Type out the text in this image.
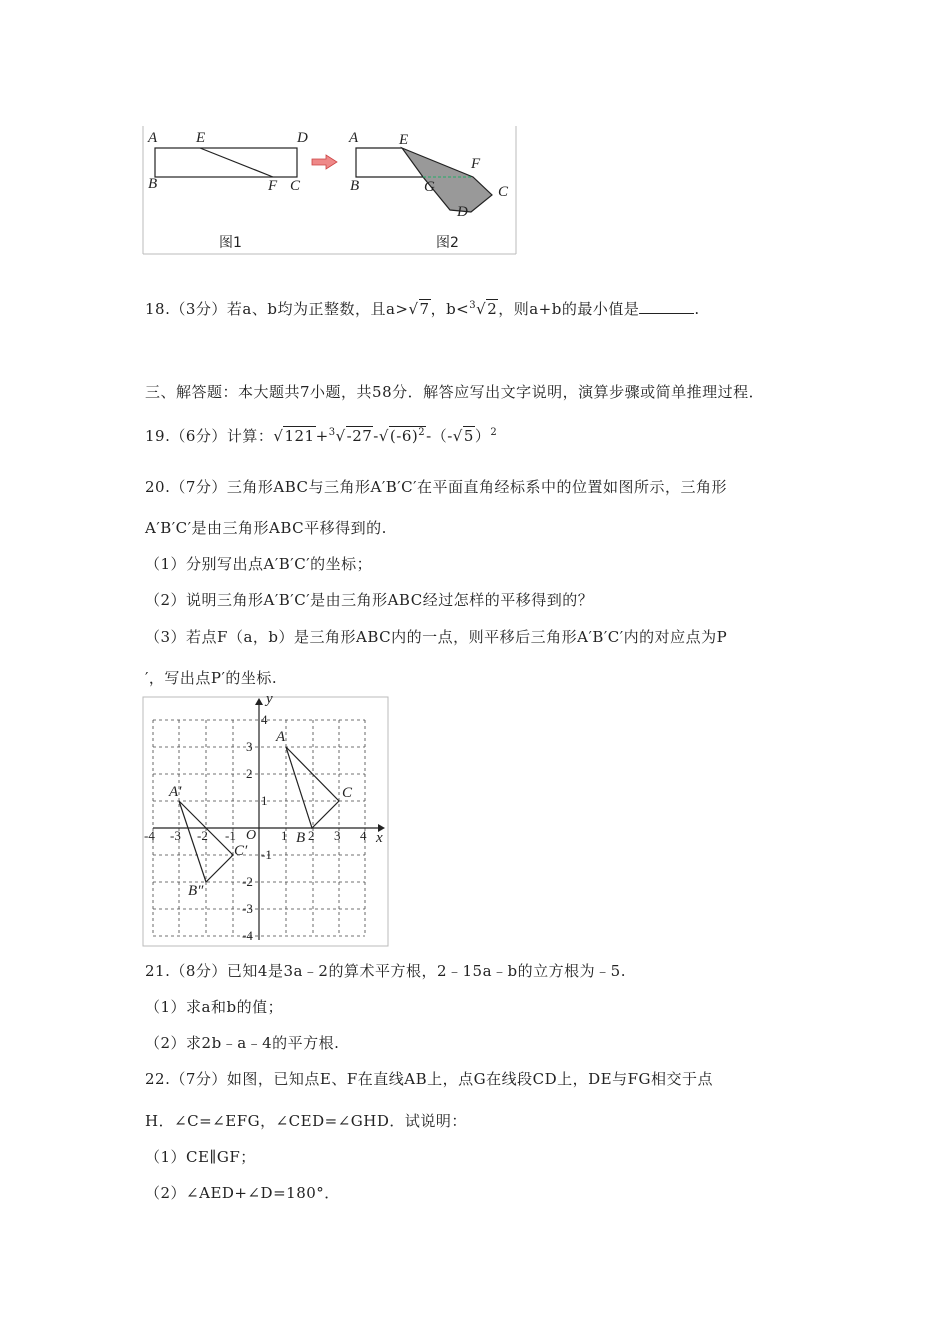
A	E	D
B	F C
图1
A	E
F
B	G	C
D
图2
18.（3分）若a、b均为正整数，且a>√7，b<$^3$√2，则a+b的最小值是	.
三、解答题：本大题共7小题，共58分．解答应写出文字说明，演算步骤或简单推理过程．
19.（6分）计算：$√121+^3√-27-√(-6)^2-(-√5)^2$
20.（7分）三角形ABC与三角形A′B′C′在平面直角经标系中的位置如图所示，三角形
A′B′C′是由三角形ABC平移得到的.
（1）分别写出点A′B′C′的坐标；
（2）说明三角形A′B′C′是由三角形ABC经过怎样的平移得到的？
（3）若点F（a，b）是三角形ABC内的一点，则平移后三角形A′B′C′内的对应点为P
′，写出点P′的坐标.
y
x
O
-4 -3 -2 -1	1 2 3 4
4
3
2
1
-1
-2
-3
-4
A
B
C
A′
B″
C′
21.（8分）已知4是3a﹣2的算术平方根，2﹣15a﹣b的立方根为﹣5.
（1）求a和b的值；
（2）求2b﹣a﹣4的平方根.
22.（7分）如图，已知点E、F在直线AB上，点G在线段CD上，DE与FG相交于点
H．∠C=∠EFG，∠CED=∠GHD．试说明：
（1）CE∥GF；
（2）∠AED+∠D=180°．
